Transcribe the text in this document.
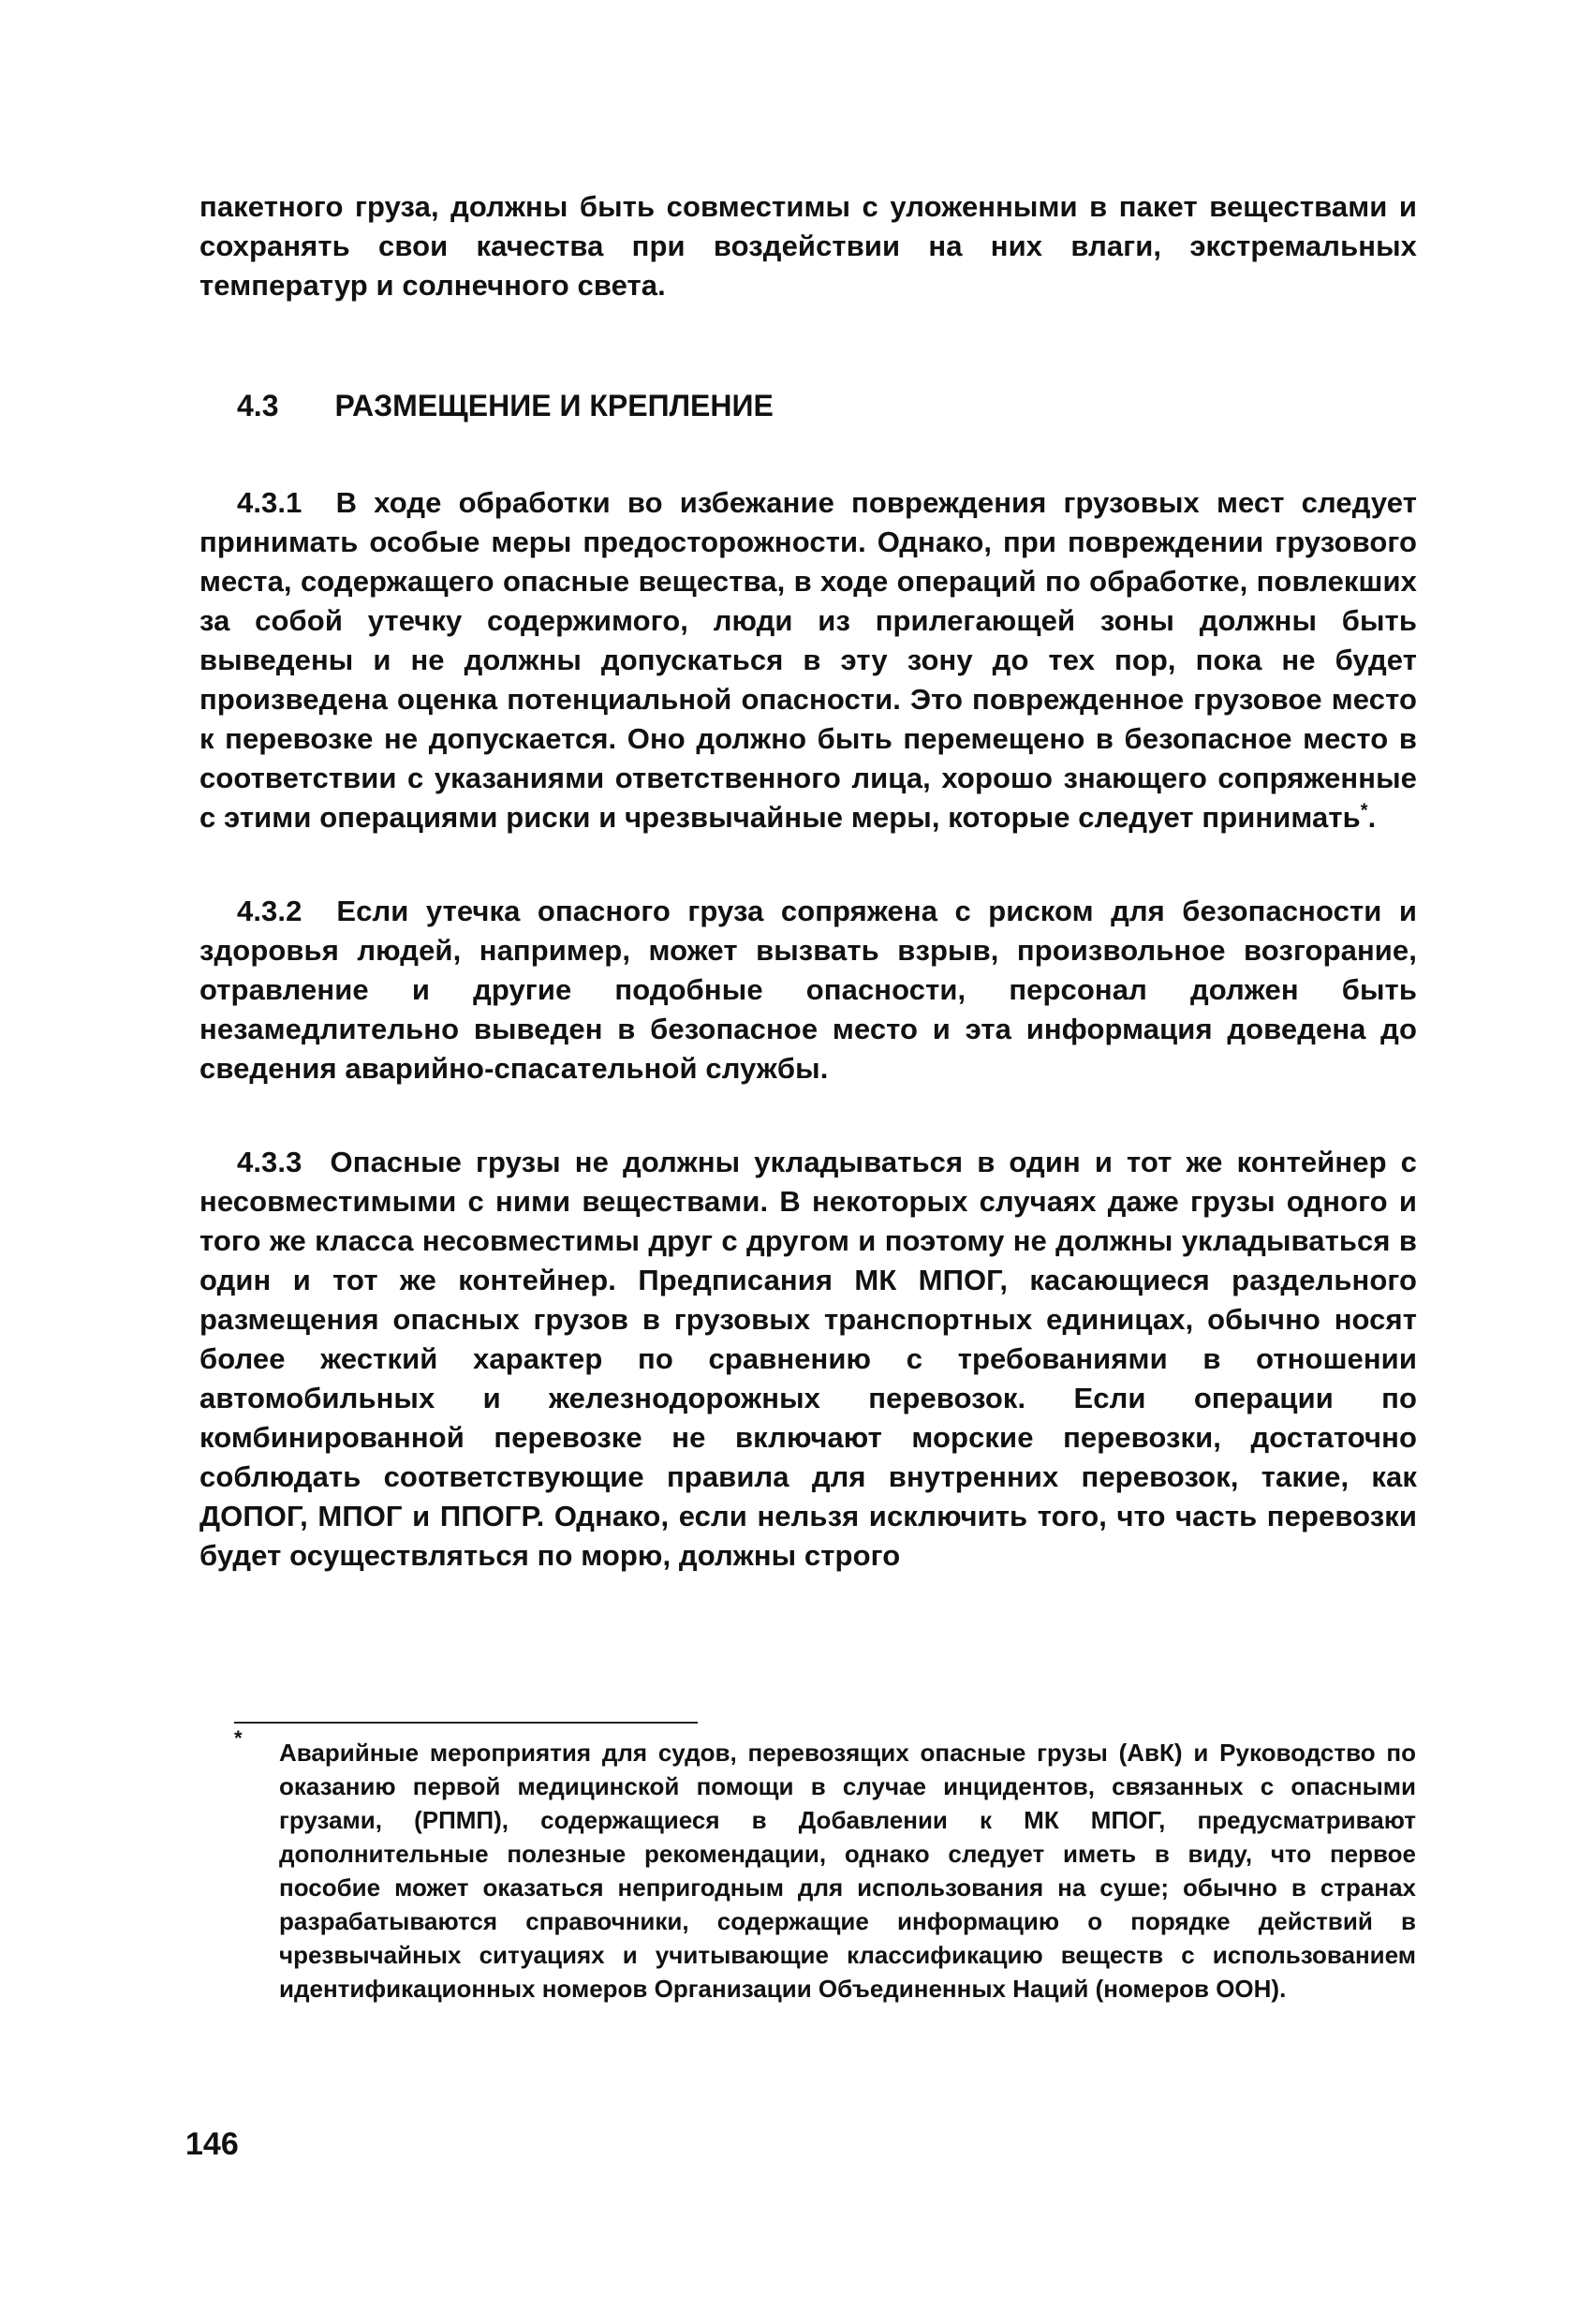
пакетного груза, должны быть совместимы с уложенными в пакет веществами и сохранять свои качества при воздействии на них влаги, экстремальных температур и солнечного света.

4.3 РАЗМЕЩЕНИЕ И КРЕПЛЕНИЕ

4.3.1 В ходе обработки во избежание повреждения грузовых мест следует принимать особые меры предосторожности. Однако, при повреждении грузового места, содержащего опасные вещества, в ходе операций по обработке, повлекших за собой утечку содержимого, люди из прилегающей зоны должны быть выведены и не должны допускаться в эту зону до тех пор, пока не будет произведена оценка потенциальной опасности. Это поврежденное грузовое место к перевозке не допускается. Оно должно быть перемещено в безопасное место в соответствии с указаниями ответственного лица, хорошо знающего сопряженные с этими операциями риски и чрезвычайные меры, которые следует принимать*.

4.3.2 Если утечка опасного груза сопряжена с риском для безопасности и здоровья людей, например, может вызвать взрыв, произвольное возгорание, отравление и другие подобные опасности, персонал должен быть незамедлительно выведен в безопасное место и эта информация доведена до сведения аварийно-спасательной службы.

4.3.3 Опасные грузы не должны укладываться в один и тот же контейнер с несовместимыми с ними веществами. В некоторых случаях даже грузы одного и того же класса несовместимы друг с другом и поэтому не должны укладываться в один и тот же контейнер. Предписания МК МПОГ, касающиеся раздельного размещения опасных грузов в грузовых транспортных единицах, обычно носят более жесткий характер по сравнению с требованиями в отношении автомобильных и железнодорожных перевозок. Если операции по комбинированной перевозке не включают морские перевозки, достаточно соблюдать соответствующие правила для внутренних перевозок, такие, как ДОПОГ, МПОГ и ППОГР. Однако, если нельзя исключить того, что часть перевозки будет осуществляться по морю, должны строго

*

Аварийные мероприятия для судов, перевозящих опасные грузы (АвК) и Руководство по оказанию первой медицинской помощи в случае инцидентов, связанных с опасными грузами, (РПМП), содержащиеся в Добавлении к МК МПОГ, предусматривают дополнительные полезные рекомендации, однако следует иметь в виду, что первое пособие может оказаться непригодным для использования на суше; обычно в странах разрабатываются справочники, содержащие информацию о порядке действий в чрезвычайных ситуациях и учитывающие классификацию веществ с использованием идентификационных номеров Организации Объединенных Наций (номеров ООН).

146
